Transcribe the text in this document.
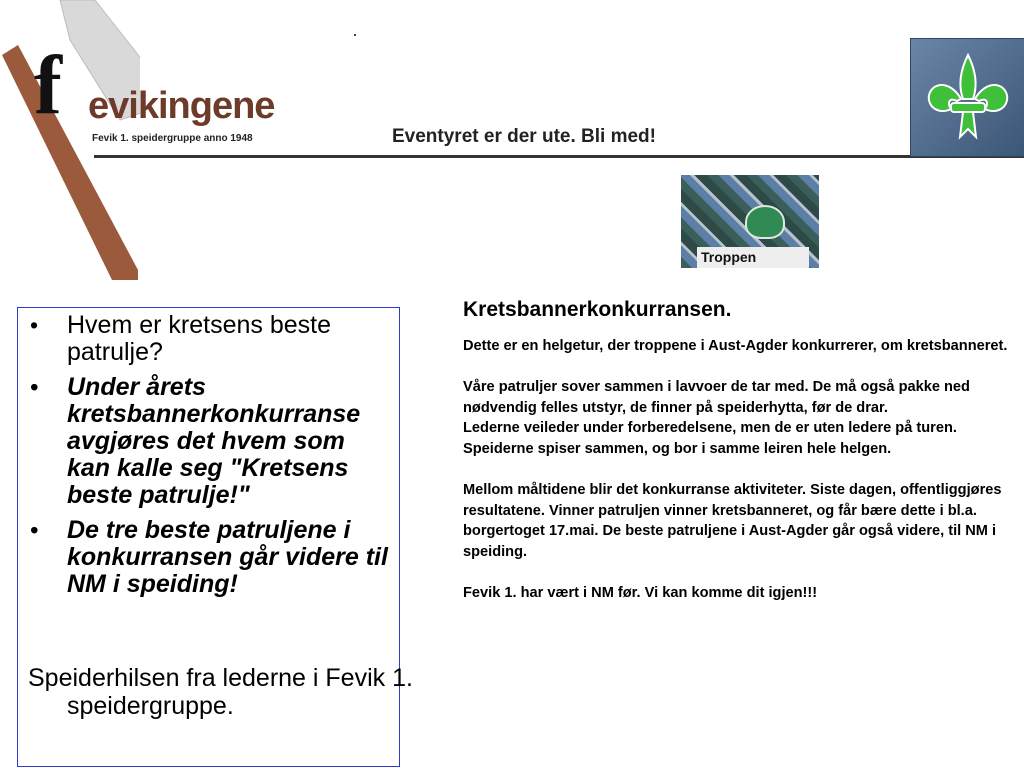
f evikingene
Fevik 1. speidergruppe anno 1948	Eventyret er der ute. Bli med!
Troppen
• Hvem er kretsens beste patrulje?
• Under årets kretsbannerkonkurranse avgjøres det hvem som kan kalle seg "Kretsens beste patrulje!"
• De tre beste patruljene i konkurransen går videre til NM i speiding!
Speiderhilsen fra lederne i Fevik 1. speidergruppe.
Kretsbannerkonkurransen.

Dette er en helgetur, der troppene i Aust-Agder konkurrerer, om kretsbanneret.

Våre patruljer sover sammen i lavvoer de tar med. De må også pakke ned nødvendig felles utstyr, de finner på speiderhytta, før de drar.

Lederne veileder under forberedelsene, men de er uten ledere på turen.

Speiderne spiser sammen, og bor i samme leiren hele helgen.

Mellom måltidene blir det konkurranse aktiviteter. Siste dagen, offentliggjøres resultatene. Vinner patruljen vinner kretsbanneret, og får bære dette i bl.a. borgertoget 17.mai. De beste patruljene i Aust-Agder går også videre, til NM i speiding.

Fevik 1. har vært i NM før. Vi kan komme dit igjen!!!
